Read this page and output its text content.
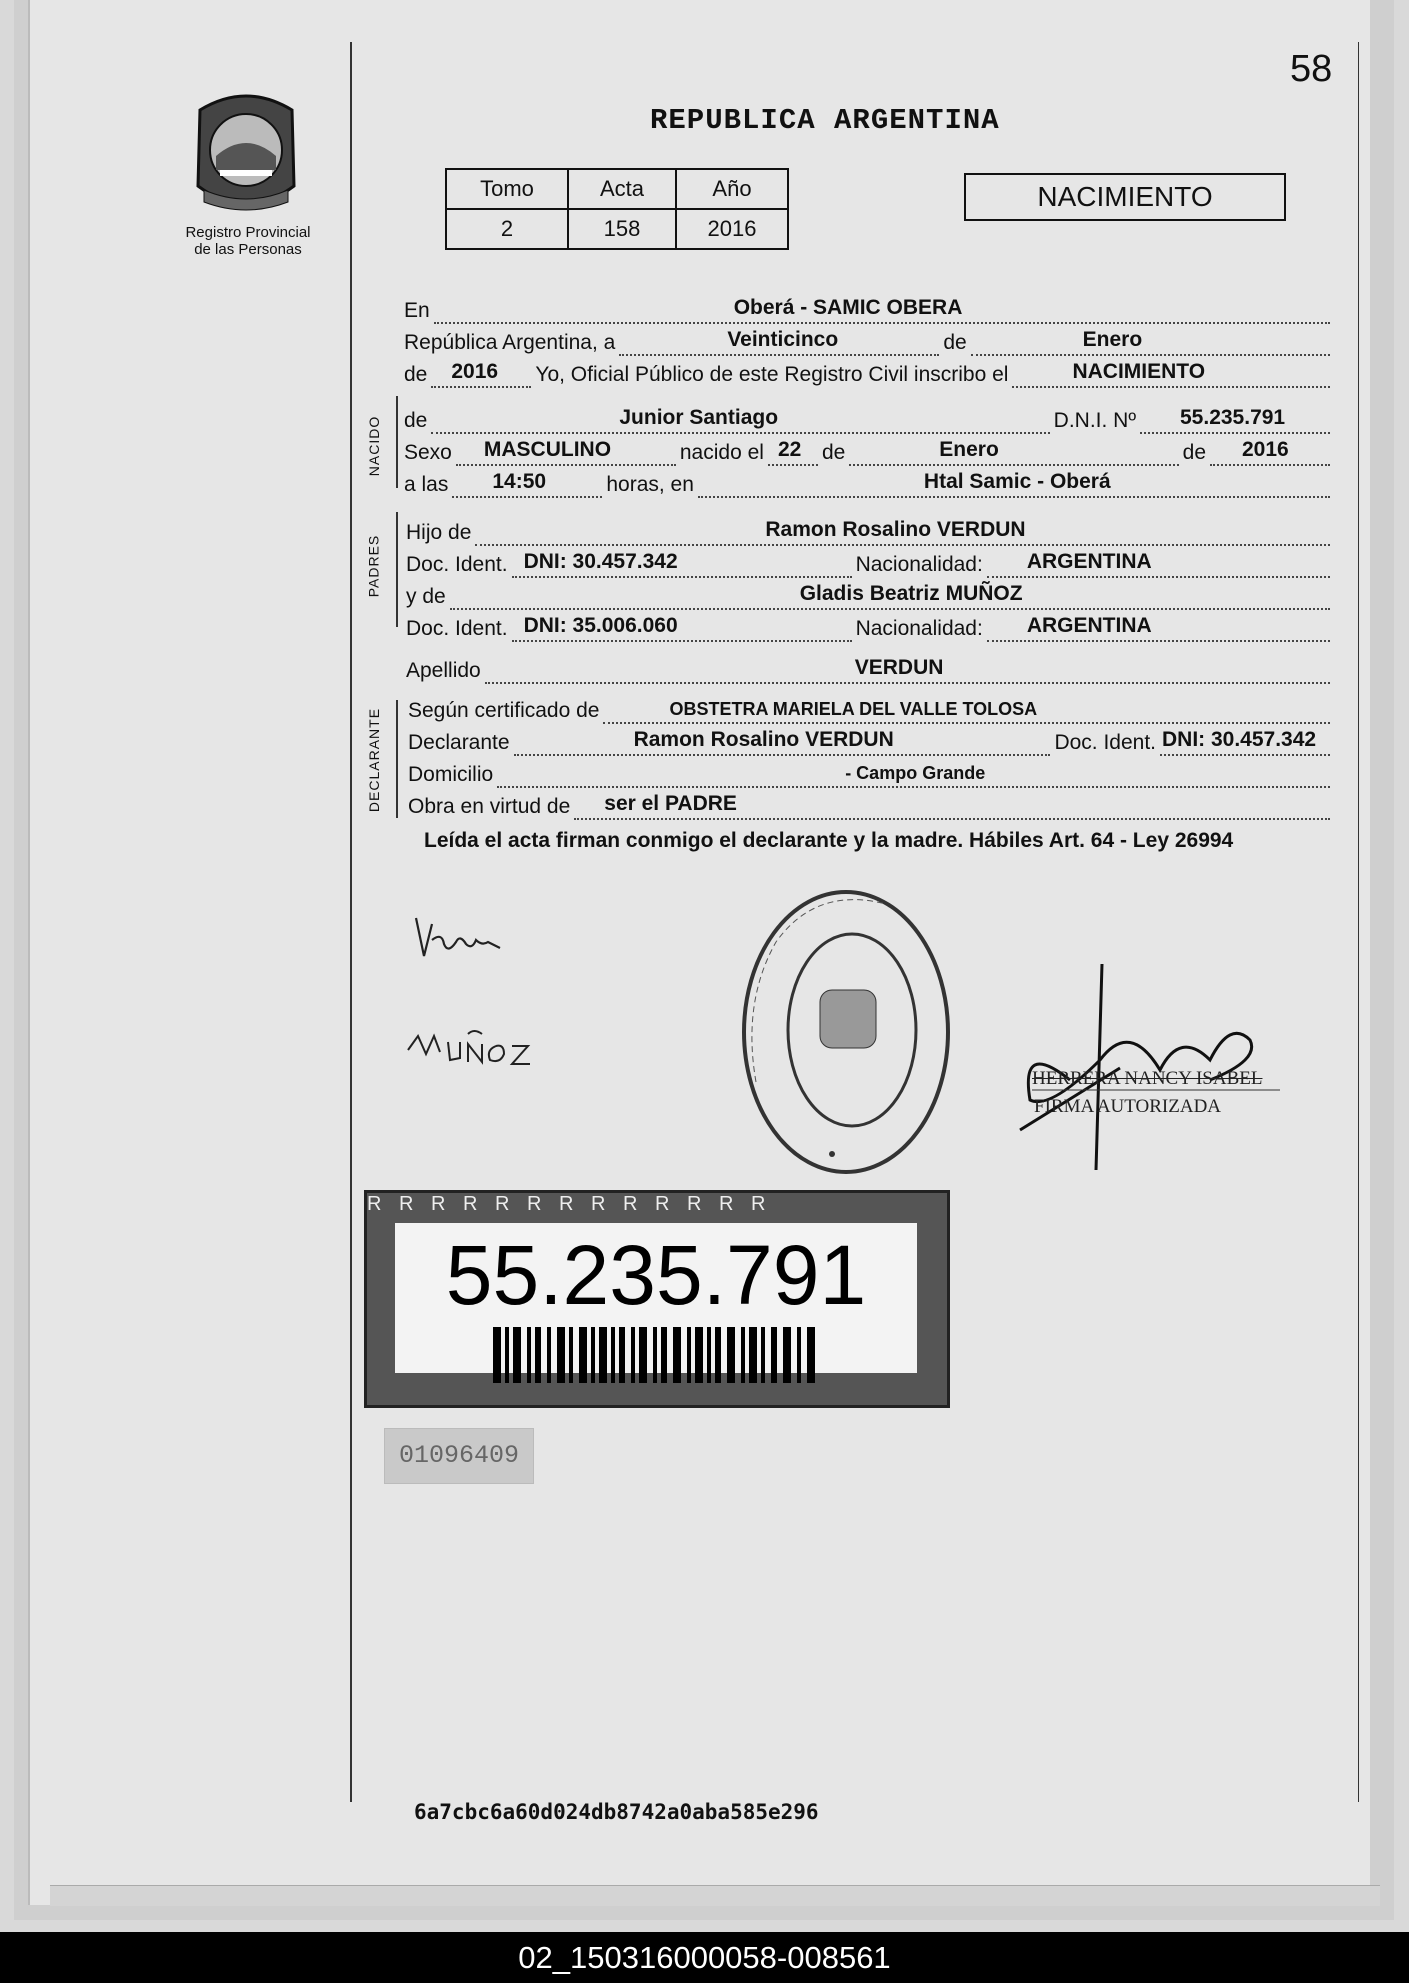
58
REPUBLICA ARGENTINA
Registro Provincial
de las Personas
Tomo	Acta	Año
2	158	2016
NACIMIENTO
En	Oberá - SAMIC OBERA
República Argentina, a	Veinticinco	de	Enero
de 2016 Yo, Oficial Público de este Registro Civil inscribo el	NACIMIENTO
NACIDO de	Junior Santiago	D.N.I. Nº 55.235.791
Sexo MASCULINO	nacido el 22 de	Enero	de 2016
a las 14:50	horas, en	Htal Samic - Oberá
PADRES
Hijo de	Ramon Rosalino VERDUN
Doc. Ident. DNI: 30.457.342	Nacionalidad: ARGENTINA
y de	Gladis Beatriz MUÑOZ
Doc. Ident. DNI: 35.006.060	Nacionalidad: ARGENTINA
Apellido	VERDUN
DECLARANTE Según certificado de	OBSTETRA MARIELA DEL VALLE TOLOSA
Declarante	Ramon Rosalino VERDUN	Doc. Ident. DNI: 30.457.342
Domicilio	- Campo Grande
Obra en virtud de ser el PADRE
Leída el acta firman conmigo el declarante y la madre. Hábiles Art. 64 - Ley 26994
HERRERA NANCY ISABEL
FIRMA AUTORIZADA
R R R R R R R R R R R R R
55.235.791
01096409
6a7cbc6a60d024db8742a0aba585e296
02_150316000058-008561
